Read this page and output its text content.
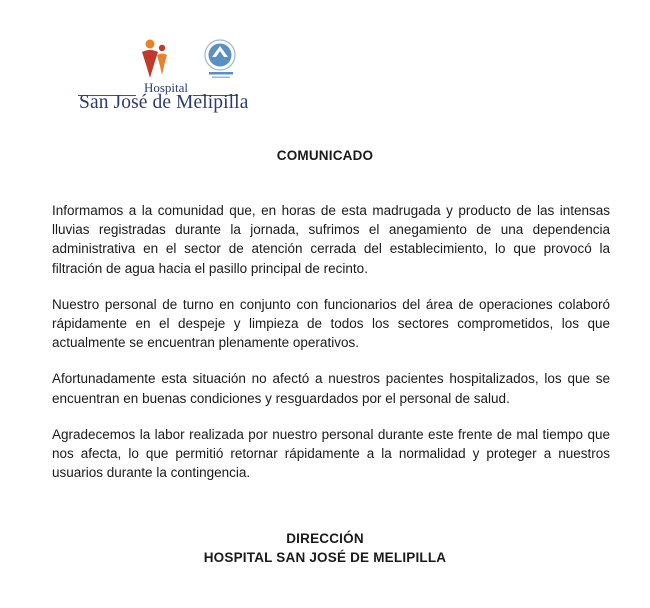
Hospital
San José de Melipilla
COMUNICADO

Informamos a la comunidad que, en horas de esta madrugada y producto de las intensas lluvias registradas durante la jornada, sufrimos el anegamiento de una dependencia administrativa en el sector de atención cerrada del establecimiento, lo que provocó la filtración de agua hacia el pasillo principal de recinto.

Nuestro personal de turno en conjunto con funcionarios del área de operaciones colaboró rápidamente en el despeje y limpieza de todos los sectores comprometidos, los que actualmente se encuentran plenamente operativos.

Afortunadamente esta situación no afectó a nuestros pacientes hospitalizados, los que se encuentran en buenas condiciones y resguardados por el personal de salud.

Agradecemos la labor realizada por nuestro personal durante este frente de mal tiempo que nos afecta, lo que permitió retornar rápidamente a la normalidad y proteger a nuestros usuarios durante la contingencia.

DIRECCIÓN
HOSPITAL SAN JOSÉ DE MELIPILLA
